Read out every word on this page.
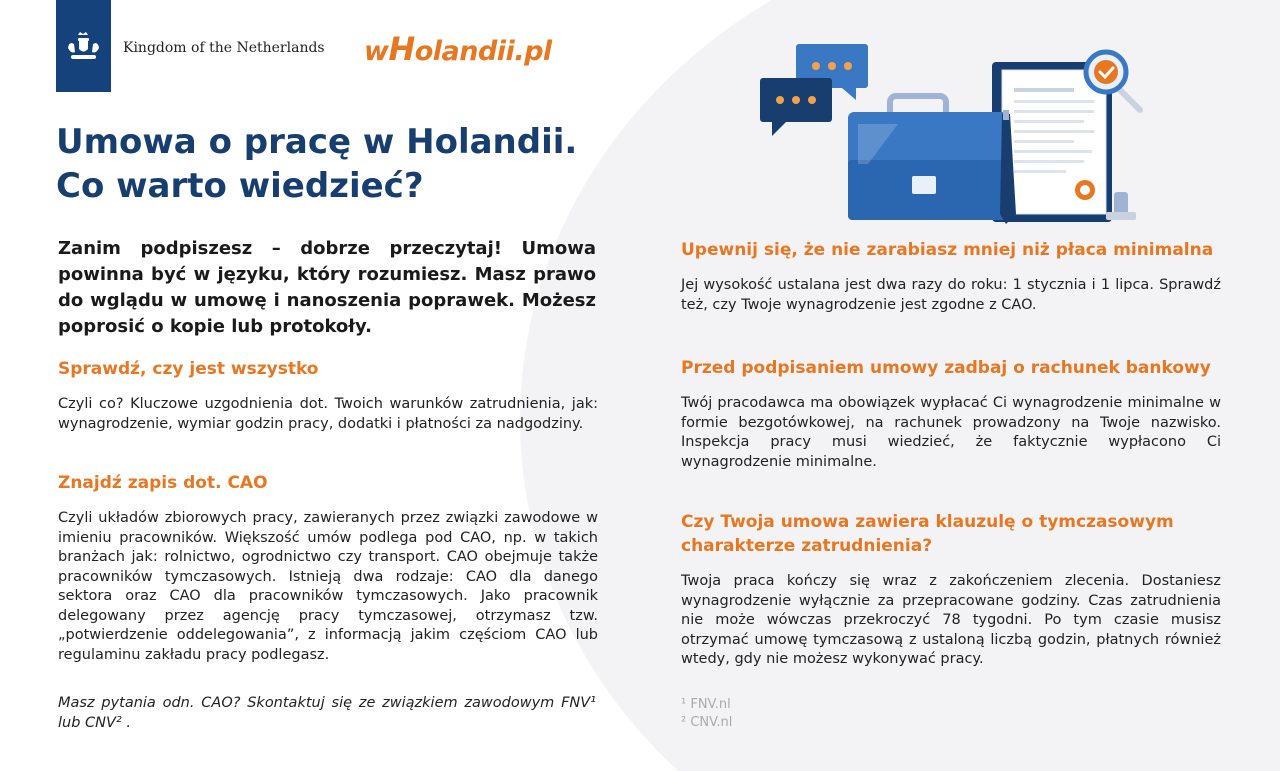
Kingdom of the Netherlands wHolandii.pl
Umowa o pracę w Holandii.
Co warto wiedzieć?
Zanim podpiszesz – dobrze przeczytaj! Umowa powinna być w języku, który rozumiesz. Masz prawo do wglądu w umowę i nanoszenia poprawek. Możesz poprosić o kopie lub protokoły.
Sprawdź, czy jest wszystko

Czyli co? Kluczowe uzgodnienia dot. Twoich warunków zatrudnienia, jak: wynagrodzenie, wymiar godzin pracy, dodatki i płatności za nadgodziny.

Znajdź zapis dot. CAO

Czyli układów zbiorowych pracy, zawieranych przez związki zawodowe w imieniu pracowników. Większość umów podlega pod CAO, np. w takich branżach jak: rolnictwo, ogrodnictwo czy transport. CAO obejmuje także pracowników tymczasowych. Istnieją dwa rodzaje: CAO dla danego sektora oraz CAO dla pracowników tymczasowych. Jako pracownik delegowany przez agencję pracy tymczasowej, otrzymasz tzw. „potwierdzenie oddelegowania”, z informacją jakim częściom CAO lub regulaminu zakładu pracy podlegasz.

Masz pytania odn. CAO? Skontaktuj się ze związkiem zawodowym FNV¹ lub CNV² .
Upewnij się, że nie zarabiasz mniej niż płaca minimalna

Jej wysokość ustalana jest dwa razy do roku: 1 stycznia i 1 lipca. Sprawdź też, czy Twoje wynagrodzenie jest zgodne z CAO.

Przed podpisaniem umowy zadbaj o rachunek bankowy

Twój pracodawca ma obowiązek wypłacać Ci wynagrodzenie minimalne w formie bezgotówkowej, na rachunek prowadzony na Twoje nazwisko. Inspekcja pracy musi wiedzieć, że faktycznie wypłacono Ci wynagrodzenie minimalne.

Czy Twoja umowa zawiera klauzulę o tymczasowym charakterze zatrudnienia?

Twoja praca kończy się wraz z zakończeniem zlecenia. Dostaniesz wynagrodzenie wyłącznie za przepracowane godziny. Czas zatrudnienia nie może wówczas przekroczyć 78 tygodni. Po tym czasie musisz otrzymać umowę tymczasową z ustaloną liczbą godzin, płatnych również wtedy, gdy nie możesz wykonywać pracy.

¹ FNV.nl
² CNV.nl
